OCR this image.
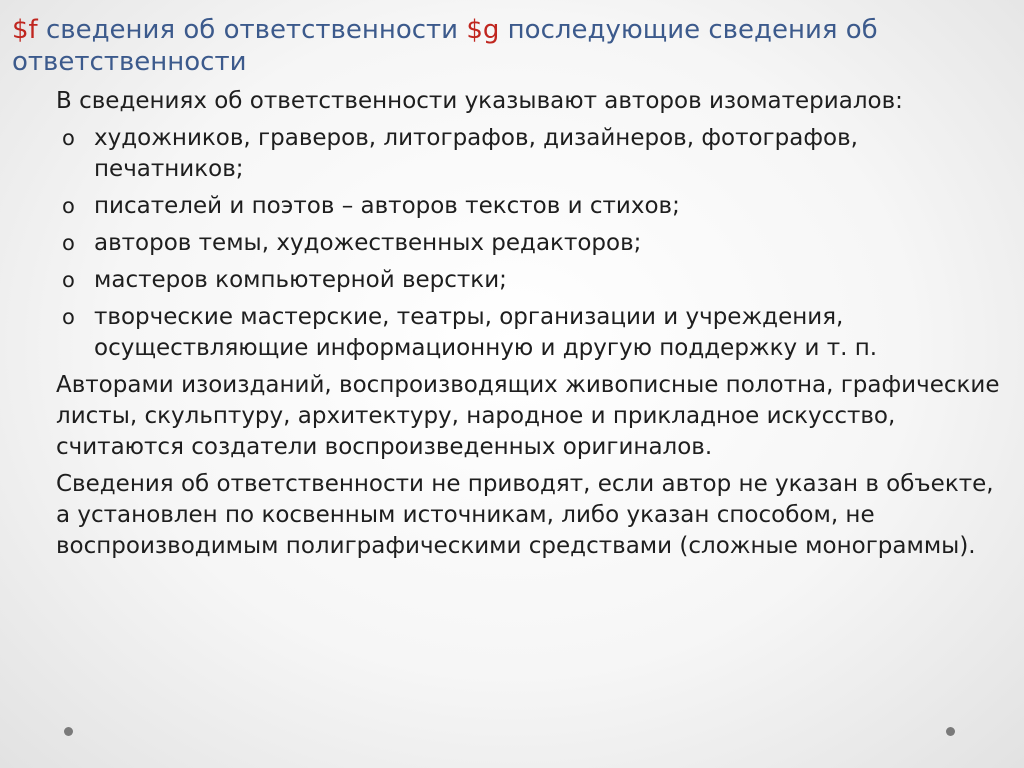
$f сведения об ответственности $g последующие сведения об ответственности

В сведениях об ответственности указывают авторов изоматериалов:

o художников, граверов, литографов, дизайнеров, фотографов, печатников;
o писателей и поэтов – авторов текстов и стихов;
o авторов темы, художественных редакторов;
o мастеров компьютерной верстки;
o творческие мастерские, театры, организации и учреждения, осуществляющие информационную и другую поддержку и т. п.

Авторами изоизданий, воспроизводящих живописные полотна, графические листы, скульптуру, архитектуру, народное и прикладное искусство, считаются создатели воспроизведенных оригиналов.

Сведения об ответственности не приводят, если автор не указан в объекте, а установлен по косвенным источникам, либо указан способом, не воспроизводимым полиграфическими средствами (сложные монограммы).
